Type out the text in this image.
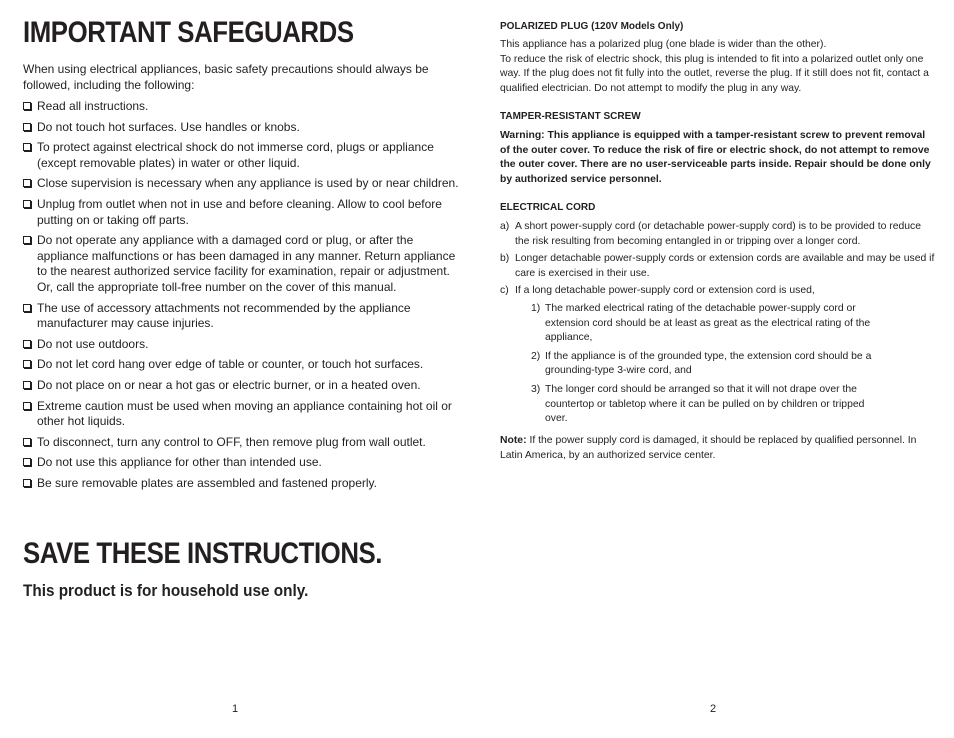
IMPORTANT SAFEGUARDS

When using electrical appliances, basic safety precautions should always be followed, including the following:

Read all instructions.
Do not touch hot surfaces. Use handles or knobs.
To protect against electrical shock do not immerse cord, plugs or appliance (except removable plates) in water or other liquid.
Close supervision is necessary when any appliance is used by or near children.
Unplug from outlet when not in use and before cleaning. Allow to cool before putting on or taking off parts.
Do not operate any appliance with a damaged cord or plug, or after the appliance malfunctions or has been damaged in any manner. Return appliance to the nearest authorized service facility for examination, repair or adjustment. Or, call the appropriate toll-free number on the cover of this manual.
The use of accessory attachments not recommended by the appliance manufacturer may cause injuries.
Do not use outdoors.
Do not let cord hang over edge of table or counter, or touch hot surfaces.
Do not place on or near a hot gas or electric burner, or in a heated oven.
Extreme caution must be used when moving an appliance containing hot oil or other hot liquids.
To disconnect, turn any control to OFF, then remove plug from wall outlet.
Do not use this appliance for other than intended use.
Be sure removable plates are assembled and fastened properly.
SAVE THESE INSTRUCTIONS.
This product is for household use only.
1

POLARIZED PLUG (120V Models Only)

This appliance has a polarized plug (one blade is wider than the other).

To reduce the risk of electric shock, this plug is intended to fit into a polarized outlet only one way. If the plug does not fit fully into the outlet, reverse the plug. If it still does not fit, contact a qualified electrician. Do not attempt to modify the plug in any way.

TAMPER-RESISTANT SCREW

Warning: This appliance is equipped with a tamper-resistant screw to prevent removal of the outer cover. To reduce the risk of fire or electric shock, do not attempt to remove the outer cover. There are no user-serviceable parts inside. Repair should be done only by authorized service personnel.

ELECTRICAL CORD

a) A short power-supply cord (or detachable power-supply cord) is to be provided to reduce the risk resulting from becoming entangled in or tripping over a longer cord.
b) Longer detachable power-supply cords or extension cords are available and may be used if care is exercised in their use.
c) If a long detachable power-supply cord or extension cord is used,
1) The marked electrical rating of the detachable power-supply cord or extension cord should be at least as great as the electrical rating of the appliance,
2) If the appliance is of the grounded type, the extension cord should be a grounding-type 3-wire cord, and
3) The longer cord should be arranged so that it will not drape over the countertop or tabletop where it can be pulled on by children or tripped over.
Note: If the power supply cord is damaged, it should be replaced by qualified personnel. In Latin America, by an authorized service center.
2
